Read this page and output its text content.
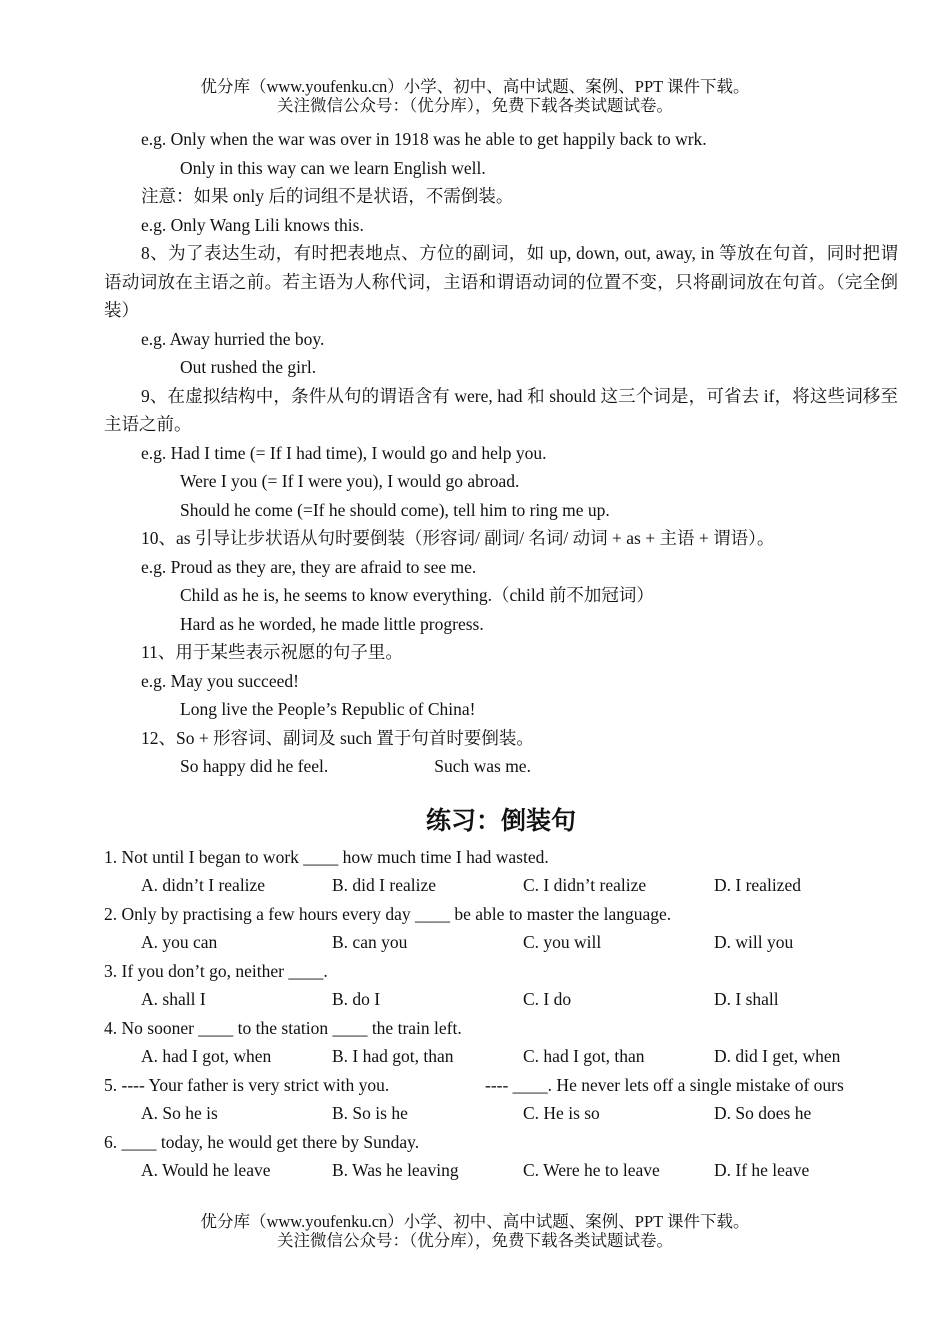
优分库（www.youfenku.cn）小学、初中、高中试题、案例、PPT 课件下载。
关注微信公众号：（优分库），免费下载各类试题试卷。
e.g. Only when the war was over in 1918 was he able to get happily back to wrk.
Only in this way can we learn English well.
注意：如果 only 后的词组不是状语，不需倒装。
e.g. Only Wang Lili knows this.
8、为了表达生动，有时把表地点、方位的副词，如 up, down, out, away, in 等放在句首，同时把谓语动词放在主语之前。若主语为人称代词，主语和谓语动词的位置不变，只将副词放在句首。（完全倒装）
e.g. Away hurried the boy.
Out rushed the girl.
9、在虚拟结构中，条件从句的谓语含有 were, had 和 should 这三个词是，可省去 if，将这些词移至主语之前。
e.g. Had I time (= If I had time), I would go and help you.
Were I you (= If I were you), I would go abroad.
Should he come (=If he should come), tell him to ring me up.
10、as 引导让步状语从句时要倒装（形容词/ 副词/ 名词/ 动词 + as + 主语 + 谓语）。
e.g. Proud as they are, they are afraid to see me.
Child as he is, he seems to know everything.（child 前不加冠词）
Hard as he worded, he made little progress.
11、用于某些表示祝愿的句子里。
e.g. May you succeed!
Long live the People’s Republic of China!
12、So + 形容词、副词及 such 置于句首时要倒装。
So happy did he feel.	Such was me.
练习：倒装句
1. Not until I began to work ____ how much time I had wasted.
A. didn’t I realize	B. did I realize	C. I didn’t realize	D. I realized
2. Only by practising a few hours every day ____ be able to master the language.
A. you can	B. can you	C. you will	D. will you
3. If you don’t go, neither ____.
A. shall I	B. do I	C. I do	D. I shall
4. No sooner ____ to the station ____ the train left.
A. had I got, when	B. I had got, than	C. had I got, than	D. did I get, when
5. ---- Your father is very strict with you.	---- ____. He never lets off a single mistake of ours
A. So he is	B. So is he	C. He is so	D. So does he
6. ____ today, he would get there by Sunday.
A. Would he leave	B. Was he leaving	C. Were he to leave	D. If he leave
优分库（www.youfenku.cn）小学、初中、高中试题、案例、PPT 课件下载。
关注微信公众号：（优分库），免费下载各类试题试卷。
